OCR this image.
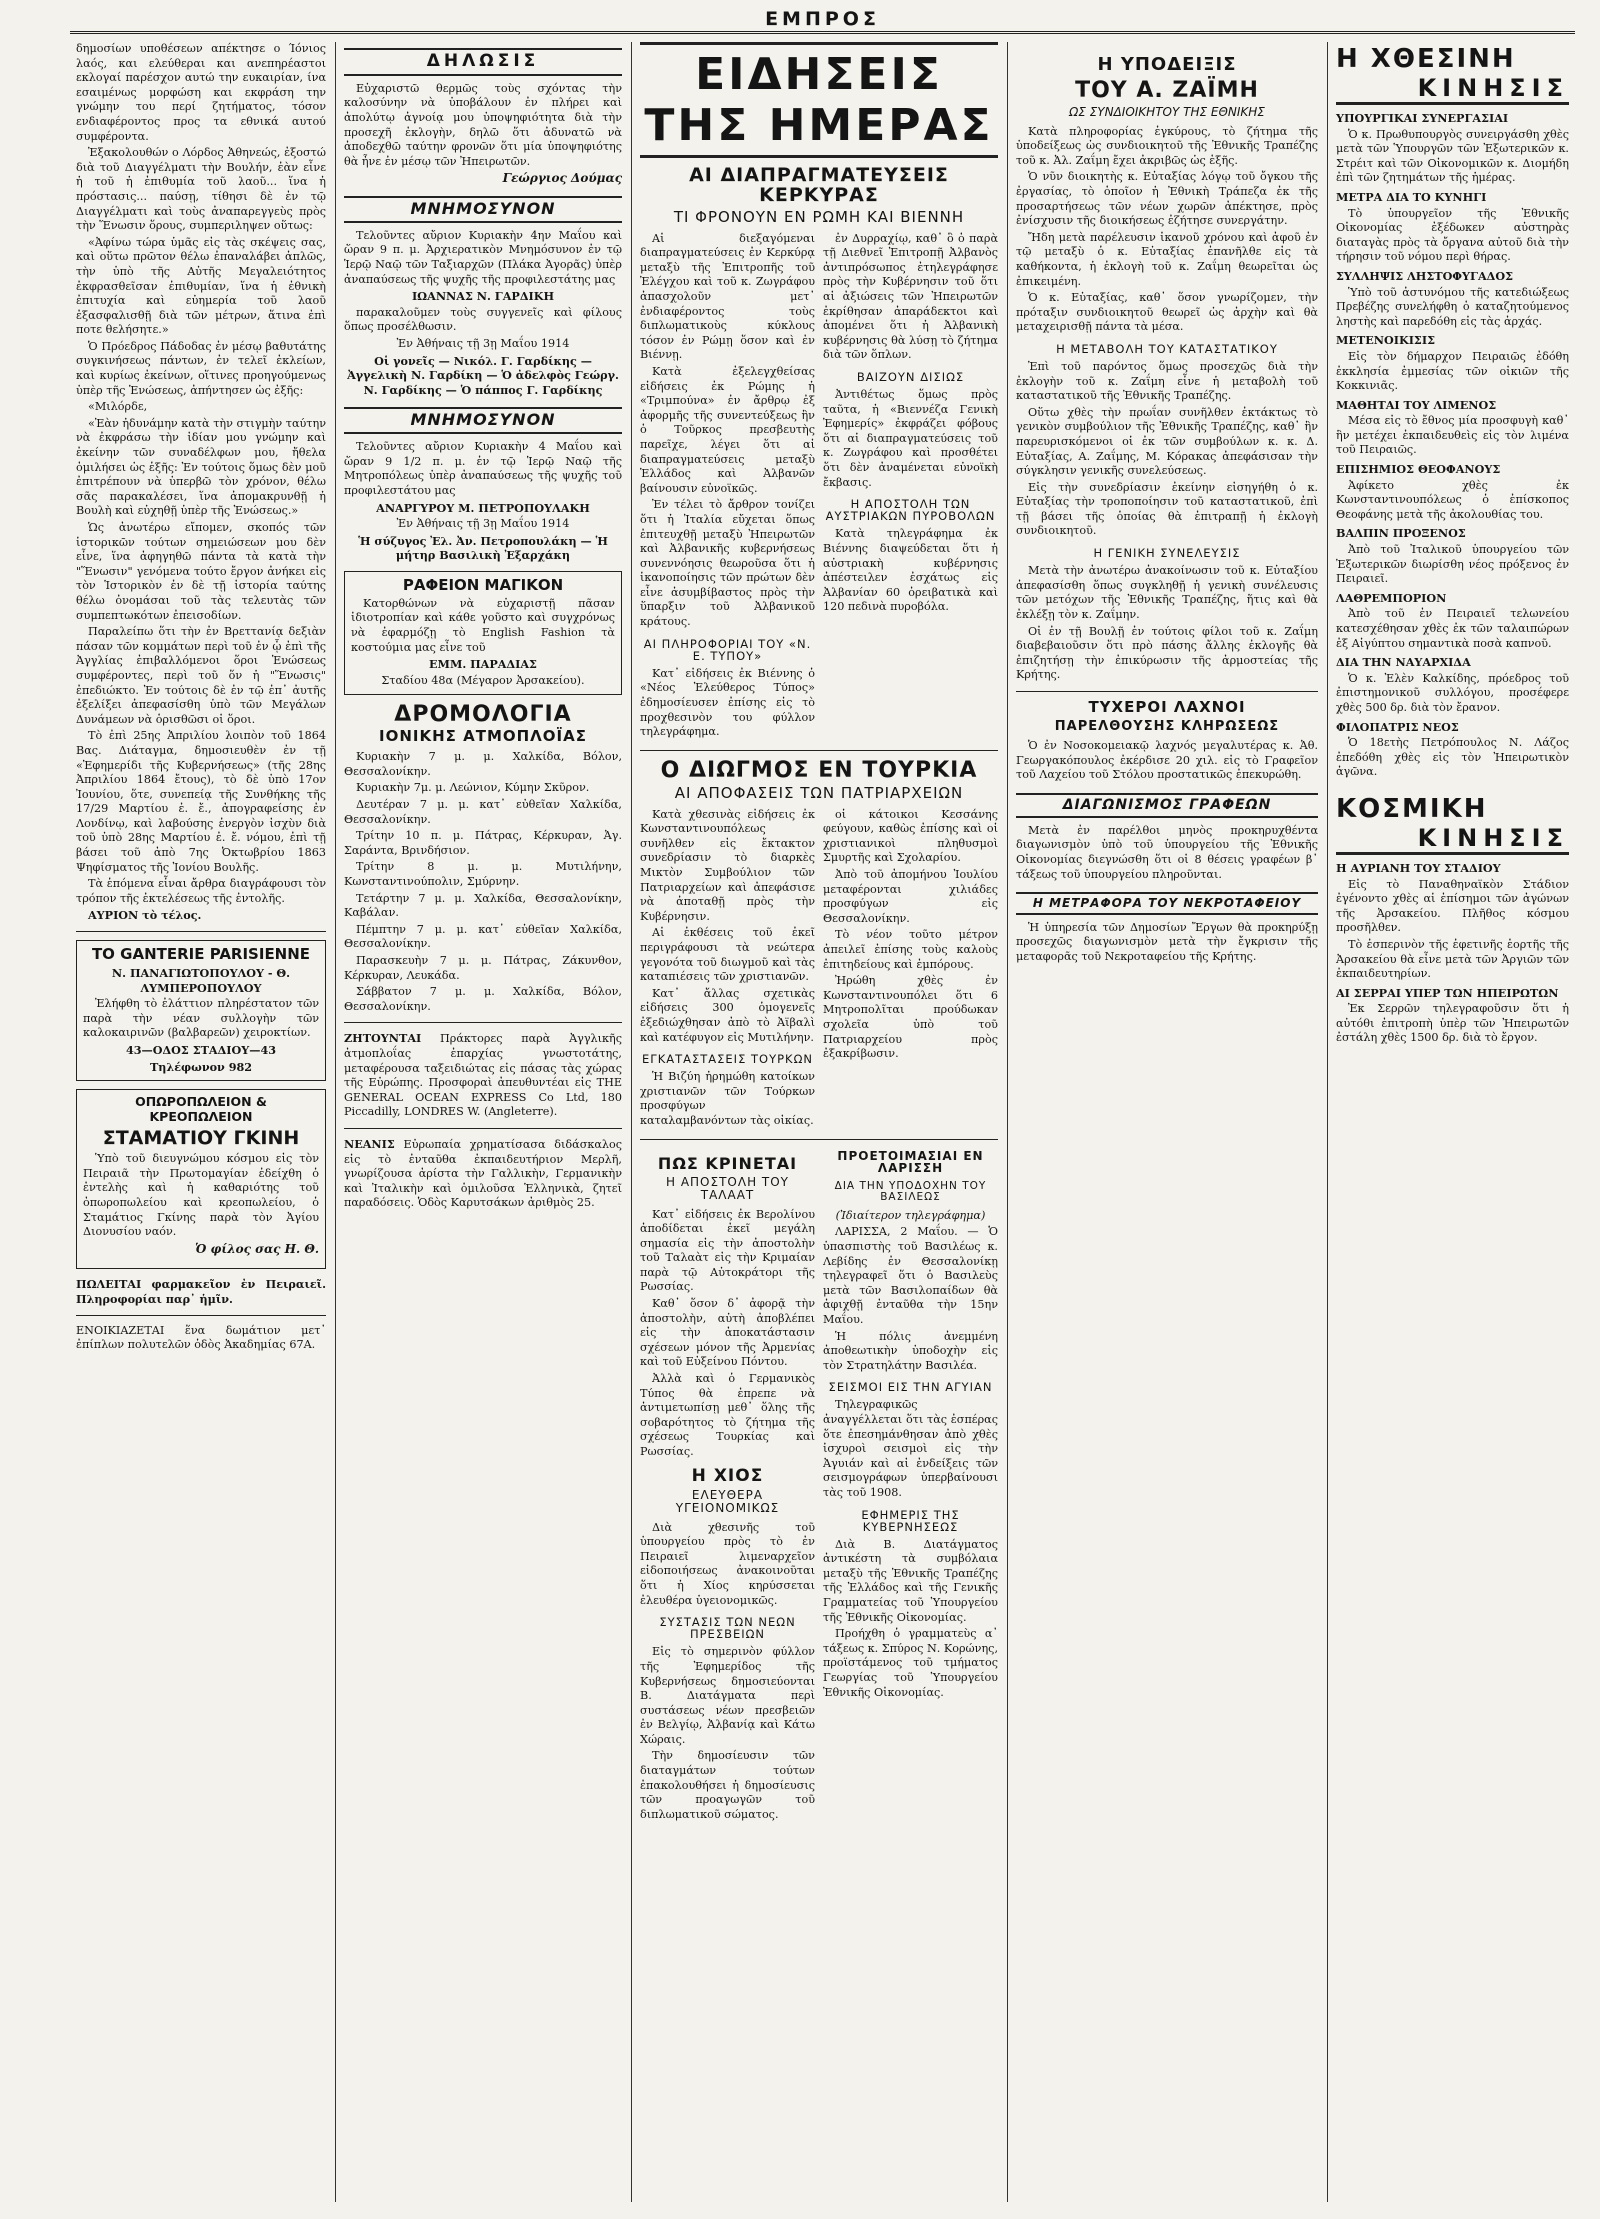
ΕΜΠΡΟΣ

δημοσίων υποθέσεων απέκτησε ο Ίόνιος λαός, και ελεύθεραι και ανεπηρέαστοι εκλογαί παρέσχον αυτώ την ευκαιρίαν, ίνα εσαιμένως μορφώση και εκφράση την γνώμην του περί ζητήματος, τόσον ενδιαφέροντος προς τα εθνικά αυτού συμφέροντα.

Ἐξακολουθών ο Λόρδος Ἀθηνεώς, ἐξοστώ διὰ τοῦ Διαγγέλματι τὴν Βουλήν, ἐὰν εἶνε ἡ τοῦ ἡ ἐπιθυμία τοῦ λαοῦ... ἵνα ἡ πρόστασις... παύσῃ, τίθησι δὲ ἐν τῷ Διαγγέλματι καὶ τοὺς ἀναπαρεγγεὺς πρὸς τὴν Ἕνωσιν ὅρους, συμπεριληψεν οὕτως:

«Ἀφίνω τώρα ὑμᾶς εἰς τὰς σκέψεις σας, καὶ οὕτω πρῶτον θέλω ἐπαναλάβει ἁπλῶς, τὴν ὑπὸ τῆς Αὐτῆς Μεγαλειότητος ἐκφρασθεῖσαν ἐπιθυμίαν, ἵνα ἡ ἐθνικὴ ἐπιτυχία καὶ εὐημερία τοῦ λαοῦ ἐξασφαλισθῇ διὰ τῶν μέτρων, ἅτινα ἐπὶ ποτε θελήσητε.»

Ὁ Πρόεδρος Πάδοδας ἐν μέσῳ βαθυτάτης συγκινήσεως πάντων, ἐν τελεῖ ἐκλείων, καὶ κυρίως ἐκείνων, οἵτινες προηγούμενως ὑπὲρ τῆς Ἑνώσεως, ἀπήντησεν ὡς ἐξῆς:

«Μιλόρδε,

«Ἐὰν ἠδυνάμην κατὰ τὴν στιγμὴν ταύτην νὰ ἐκφράσω τὴν ἰδίαν μου γνώμην καὶ ἐκείνην τῶν συναδέλφων μου, ἤθελα ὁμιλήσει ὡς ἑξῆς: Ἐν τούτοις ὅμως δὲν μοῦ ἐπιτρέπουν νὰ ὑπερβῶ τὸν χρόνον, θέλω σᾶς παρακαλέσει, ἵνα ἀπομακρυνθῇ ἡ Βουλὴ καὶ εὐχηθῇ ὑπὲρ τῆς Ἑνώσεως.»

Ὡς ἀνωτέρω εἴπομεν, σκοπός τῶν ἱστορικῶν τούτων σημειώσεων μου δὲν εἶνε, ἵνα ἀφηγηθῶ πάντα τὰ κατὰ τὴν "Ἕνωσιν" γενόμενα τούτο ἔργον ἀνήκει εἰς τὸν Ἱστορικὸν ἐν δὲ τῇ ἱστορία ταύτης θέλω ὀνομάσαι τοῦ τὰς τελευτὰς τῶν συμπεπτωκότων ἐπεισοδίων.

Παραλείπω ὅτι τὴν ἐν Βρεττανίᾳ δεξιὰν πάσαν τῶν κομμάτων περὶ τοῦ ἐν ᾧ ἐπὶ τῆς Ἀγγλίας ἐπιβαλλόμενοι ὅροι Ἑνώσεως συμφέροντες, περὶ τοῦ ὅν ἡ "Ἕνωσις" ἐπεδιώκτο. Ἐν τούτοις δὲ ἐν τῷ ἐπ᾽ ἀυτῆς ἐξελίξει ἀπεφασίσθη ὑπὸ τῶν Μεγάλων Δυνάμεων νὰ ὁρισθῶσι οἱ ὅροι.

Τὸ ἐπὶ 25ης Ἀπριλίου λοιπὸν τοῦ 1864 Βας. Διάταγμα, δημοσιευθὲν ἐν τῇ «Ἐφημερίδι τῆς Κυβερνήσεως» (τῆς 28ης Ἀπριλίου 1864 ἔτους), τὸ δὲ ὑπὸ 17ον Ἰουνίου, ὅτε, συνεπείᾳ τῆς Συνθήκης τῆς 17/29 Μαρτίου ἐ. ἔ., ἀπογραφείσης ἐν Λονδίνῳ, καὶ λαβούσης ἐνεργὸν ἰσχὺν διὰ τοῦ ὑπὸ 28ης Μαρτίου ἐ. ἔ. νόμου, ἐπὶ τῇ βάσει τοῦ ἀπὸ 7ης Ὀκτωβρίου 1863 Ψηφίσματος τῆς Ἰονίου Βουλῆς.

Τὰ ἑπόμενα εἶναι ἄρθρα διαγράφουσι τὸν τρόπον τῆς ἐκτελέσεως τῆς ἐντολῆς.

ΑΥΡΙΟΝ τὸ τέλος.

ΤΟ GANTERIE PARISIENNE

Ν. ΠΑΝΑΓΙΩΤΟΠΟΥΛΟΥ - Θ. ΛΥΜΠΕΡΟΠΟΥΛΟΥ

Ἐλήφθη τὸ ἐλάττιον πληρέστατον τῶν παρὰ τὴν νέαν συλλογὴν τῶν καλοκαιρινῶν (βαλβαρεῶν) χειροκτίων.

43—ΟΔΟΣ ΣΤΑΔΙΟΥ—43

Τηλέφωνον 982

ΟΠΩΡΟΠΩΛΕΙΟΝ & ΚΡΕΟΠΩΛΕΙΟΝ
ΣΤΑΜΑΤΙΟΥ ΓΚΙΝΗ

Ὑπὸ τοῦ διευγνώμου κόσμου εἰς τὸν Πειραιᾶ τὴν Πρωτομαγίαν ἐδείχθη ὁ ἐντελὴς καὶ ἡ καθαριότης τοῦ ὀπωροπωλείου καὶ κρεοπωλείου, ὁ Σταμάτιος Γκίνης παρὰ τὸν Ἀγίου Διονυσίου ναόν.

Ὁ φίλος σας Η. Θ.

ΠΩΛΕΙΤΑΙ φαρμακεῖον ἐν Πειραιεῖ. Πληροφορίαι παρ᾽ ἡμῖν.

ΕΝΟΙΚΙΑΖΕΤΑΙ ἕνα δωμάτιον μετ᾽ ἐπίπλων πολυτελῶν ὁδὸς Ἀκαδημίας 67Α.

ΔΗΛΩΣΙΣ

Εὐχαριστῶ θερμῶς τοὺς σχόντας τὴν καλοσύνην νὰ ὑποβάλουν ἐν πλήρει καὶ ἀπολύτῳ ἀγνοίᾳ μου ὑποψηφιότητα διὰ τὴν προσεχῆ ἐκλογὴν, δηλῶ ὅτι ἀδυνατῶ νὰ ἀποδεχθῶ ταύτην φρονῶν ὅτι μία ὑποψηφιότης θὰ ἦνε ἐν μέσῳ τῶν Ἠπειρωτῶν.

Γεώργιος Δούμας

ΜΝΗΜΟΣΥΝΟΝ

Τελοῦντες αὔριον Κυριακὴν 4ην Μαΐου καὶ ὥραν 9 π. μ. Ἀρχιερατικὸν Μνημόσυνον ἐν τῷ Ἱερῷ Ναῷ τῶν Ταξιαρχῶν (Πλάκα Ἀγορᾶς) ὑπὲρ ἀναπαύσεως τῆς ψυχῆς τῆς προφιλεστάτης μας

ΙΩΑΝΝΑΣ Ν. ΓΑΡΔΙΚΗ

παρακαλοῦμεν τοὺς συγγενεῖς καὶ φίλους ὅπως προσέλθωσιν.

Ἐν Ἀθήναις τῇ 3ῃ Μαΐου 1914

Οἱ γονεῖς — Νικόλ. Γ. Γαρδίκης — Ἀγγελικὴ Ν. Γαρδίκη — Ὁ ἀδελφὸς Γεώργ. Ν. Γαρδίκης — Ὁ πάππος Γ. Γαρδίκης

ΜΝΗΜΟΣΥΝΟΝ

Τελοῦντες αὔριον Κυριακὴν 4 Μαΐου καὶ ὥραν 9 1/2 π. μ. ἐν τῷ Ἱερῷ Ναῷ τῆς Μητροπόλεως ὑπὲρ ἀναπαύσεως τῆς ψυχῆς τοῦ προφιλεστάτου μας

ΑΝΑΡΓΥΡΟΥ Μ. ΠΕΤΡΟΠΟΥΛΑΚΗ

Ἐν Ἀθήναις τῇ 3ῃ Μαΐου 1914

Ἡ σύζυγος Ἐλ. Ἀν. Πετροπουλάκη — Ἡ μήτηρ Βασιλικὴ Ἐξαρχάκη

ΡΑΦΕΙΟΝ ΜΑΓΙΚΟΝ

Κατορθώνων νὰ εὐχαριστῇ πᾶσαν ἰδιοτροπίαν καὶ κάθε γοῦστο καὶ συγχρόνως νὰ ἐφαρμόζῃ τὸ English Fashion τὰ κοστούμια μας εἶνε τοῦ

ΕΜΜ. ΠΑΡΑΔΙΑΣ

Σταδίου 48α (Μέγαρον Ἀρσακείου).

ΔΡΟΜΟΛΟΓΙΑ
ΙΟΝΙΚΗΣ ΑΤΜΟΠΛΟΪΑΣ

Κυριακὴν 7 μ. μ. Χαλκίδα, Βόλον, Θεσσαλονίκην.

Κυριακὴν 7μ. μ. Λεώνιον, Κύμην Σκῦρον.

Δευτέραν 7 μ. μ. κατ᾽ εὐθεῖαν Χαλκίδα, Θεσσαλονίκην.

Τρίτην 10 π. μ. Πάτρας, Κέρκυραν, Ἀγ. Σαράντα, Βρινδήσιον.

Τρίτην 8 μ. μ. Μυτιλήνην, Κωνσταντινούπολιν, Σμύρνην.

Τετάρτην 7 μ. μ. Χαλκίδα, Θεσσαλονίκην, Καβάλαν.

Πέμπτην 7 μ. μ. κατ᾽ εὐθεῖαν Χαλκίδα, Θεσσαλονίκην.

Παρασκευὴν 7 μ. μ. Πάτρας, Ζάκυνθον, Κέρκυραν, Λευκάδα.

Σάββατον 7 μ. μ. Χαλκίδα, Βόλον, Θεσσαλονίκην.

ΖΗΤΟΥΝΤΑΙ Πράκτορες παρὰ Ἀγγλικῆς ἀτμοπλοΐας ἐπαρχίας γνωστοτάτης, μεταφέρουσα ταξειδιώτας εἰς πάσας τὰς χώρας τῆς Εὐρώπης. Προσφοραὶ ἀπευθυντέαι εἰς THE GENERAL OCEAN EXPRESS Co Ltd, 180 Piccadilly, LONDRES W. (Angleterre).

ΝΕΑΝΙΣ Εὐρωπαία χρηματίσασα διδάσκαλος εἰς τὸ ἐνταῦθα ἐκπαιδευτήριον Μερλῆ, γνωρίζουσα ἀρίστα τὴν Γαλλικὴν, Γερμανικὴν καὶ Ἰταλικὴν καὶ ὁμιλοῦσα Ἑλληνικὰ, ζητεῖ παραδόσεις. Ὁδὸς Καρυτσάκων ἀριθμὸς 25.

ΕΙΔΗΣΕΙΣ ΤΗΣ ΗΜΕΡΑΣ
ΑΙ ΔΙΑΠΡΑΓΜΑΤΕΥΣΕΙΣ ΚΕΡΚΥΡΑΣ
ΤΙ ΦΡΟΝΟΥΝ ΕΝ ΡΩΜΗ ΚΑΙ ΒΙΕΝΝΗ

Αἱ διεξαγόμεναι διαπραγματεύσεις ἐν Κερκύρᾳ μεταξὺ τῆς Ἐπιτροπῆς τοῦ Ἐλέγχου καὶ τοῦ κ. Ζωγράφου ἀπασχολοῦν μετ᾽ ἐνδιαφέροντος τοὺς διπλωματικοὺς κύκλους τόσον ἐν Ρώμῃ ὅσον καὶ ἐν Βιέννῃ.

Κατὰ ἐξελεγχθείσας εἰδήσεις ἐκ Ρώμης ἡ «Τριμπούνα» ἐν ἄρθρῳ ἐξ ἀφορμῆς τῆς συνεντεύξεως ἣν ὁ Τοῦρκος πρεσβευτὴς παρεῖχε, λέγει ὅτι αἱ διαπραγματεύσεις μεταξὺ Ἑλλάδος καὶ Ἀλβανῶν βαίνουσιν εὐνοϊκῶς.

Ἐν τέλει τὸ ἄρθρον τονίζει ὅτι ἡ Ἰταλία εὔχεται ὅπως ἐπιτευχθῇ μεταξὺ Ἠπειρωτῶν καὶ Ἀλβανικῆς κυβερνήσεως συνεννόησις θεωροῦσα ὅτι ἡ ἱκανοποίησις τῶν πρώτων δὲν εἶνε ἀσυμβίβαστος πρὸς τὴν ὕπαρξιν τοῦ Ἀλβανικοῦ κράτους.

ΑΙ ΠΛΗΡΟΦΟΡΙΑΙ ΤΟΥ «Ν. Ε. ΤΥΠΟΥ»

Κατ᾽ εἰδήσεις ἐκ Βιέννης ὁ «Νέος Ἐλεύθερος Τύπος» ἐδημοσίευσεν ἐπίσης εἰς τὸ προχθεσινὸν του φύλλον τηλεγράφημα.

ἐν Δυρραχίῳ, καθ᾽ ὃ ὁ παρὰ τῇ Διεθνεῖ Ἐπιτροπῇ Ἀλβανὸς ἀντιπρόσωπος ἐτηλεγράφησε πρὸς τὴν Κυβέρνησιν τοῦ ὅτι αἱ ἀξιώσεις τῶν Ἠπειρωτῶν ἐκρίθησαν ἀπαράδεκτοι καὶ ἀπομένει ὅτι ἡ Ἀλβανικὴ κυβέρνησις θὰ λύσῃ τὸ ζήτημα διὰ τῶν ὅπλων.

ΒΑΙΖΟΥΝ ΔΙΣΙΩΣ

Ἀντιθέτως ὅμως πρὸς ταῦτα, ἡ «Βιεννέζα Γενικὴ Ἐφημερίς» ἐκφράζει φόβους ὅτι αἱ διαπραγματεύσεις τοῦ κ. Ζωγράφου καὶ προσθέτει ὅτι δὲν ἀναμένεται εὐνοϊκὴ ἔκβασις.

Η ΑΠΟΣΤΟΛΗ ΤΩΝ ΑΥΣΤΡΙΑΚΩΝ ΠΥΡΟΒΟΛΩΝ

Κατὰ τηλεγράφημα ἐκ Βιέννης διαψεύδεται ὅτι ἡ αὐστριακὴ κυβέρνησις ἀπέστειλεν ἐσχάτως εἰς Ἀλβανίαν 60 ὀρειβατικὰ καὶ 120 πεδινὰ πυροβόλα.

Ο ΔΙΩΓΜΟΣ ΕΝ ΤΟΥΡΚΙΑ
ΑΙ ΑΠΟΦΑΣΕΙΣ ΤΩΝ ΠΑΤΡΙΑΡΧΕΙΩΝ

Κατὰ χθεσινὰς εἰδήσεις ἐκ Κωνσταντινουπόλεως συνῆλθεν εἰς ἔκτακτον συνεδρίασιν τὸ διαρκὲς Μικτὸν Συμβούλιον τῶν Πατριαρχείων καὶ ἀπεφάσισε νὰ ἀποταθῇ πρὸς τὴν Κυβέρνησιν.

Αἱ ἐκθέσεις τοῦ ἐκεῖ περιγράφουσι τὰ νεώτερα γεγονότα τοῦ διωγμοῦ καὶ τὰς καταπιέσεις τῶν χριστιανῶν.

Κατ᾽ ἄλλας σχετικὰς εἰδήσεις 300 ὁμογενεῖς ἐξεδιώχθησαν ἀπὸ τὸ Ἀϊβαλὶ καὶ κατέφυγον εἰς Μυτιλήνην.

ΕΓΚΑΤΑΣΤΑΣΕΙΣ ΤΟΥΡΚΩΝ

Ἡ Βιζύη ἠρημώθη κατοίκων χριστιανῶν τῶν Τούρκων προσφύγων καταλαμβανόντων τὰς οἰκίας.

οἱ κάτοικοι Κεσσάνης φεύγουν, καθὼς ἐπίσης καὶ οἱ χριστιανικοὶ πληθυσμοὶ Σμυρτῆς καὶ Σχολαρίου.

Ἀπὸ τοῦ ἀπομήνου Ἰουλίου μεταφέρονται χιλιάδες προσφύγων εἰς Θεσσαλονίκην.

Τὸ νέον τοῦτο μέτρον ἀπειλεῖ ἐπίσης τοὺς καλοὺς ἐπιτηδείους καὶ ἐμπόρους.

Ἠρώθη χθὲς ἐν Κωνσταντινουπόλει ὅτι 6 Μητροπολῖται προύδωκαν σχολεῖα ὑπὸ τοῦ Πατριαρχείου πρὸς ἐξακρίβωσιν.

ΠΩΣ ΚΡΙΝΕΤΑΙ
Η ΑΠΟΣΤΟΛΗ ΤΟΥ ΤΑΛΑΑΤ

Κατ᾽ εἰδήσεις ἐκ Βερολίνου ἀποδίδεται ἐκεῖ μεγάλη σημασία εἰς τὴν ἀποστολὴν τοῦ Ταλαὰτ εἰς τὴν Κριμαίαν παρὰ τῷ Αὐτοκράτορι τῆς Ρωσσίας.

Καθ᾽ ὅσον δ᾽ ἀφορᾷ τὴν ἀποστολὴν, αὐτὴ ἀποβλέπει εἰς τὴν ἀποκατάστασιν σχέσεων μόνον τῆς Ἀρμενίας καὶ τοῦ Εὐξείνου Πόντου.

Ἀλλὰ καὶ ὁ Γερμανικὸς Τύπος θὰ ἐπρεπε νὰ ἀντιμετωπίσῃ μεθ᾽ ὅλης τῆς σοβαρότητος τὸ ζήτημα τῆς σχέσεως Τουρκίας καὶ Ρωσσίας.

Η ΧΙΟΣ
ΕΛΕΥΘΕΡΑ ΥΓΕΙΟΝΟΜΙΚΩΣ

Διὰ χθεσινῆς τοῦ ὑπουργείου πρὸς τὸ ἐν Πειραιεῖ λιμεναρχεῖον εἰδοποιήσεως ἀνακοινοῦται ὅτι ἡ Χίος κηρύσσεται ἐλευθέρα ὑγειονομικῶς.

ΣΥΣΤΑΣΙΣ ΤΩΝ ΝΕΩΝ ΠΡΕΣΒΕΙΩΝ

Εἰς τὸ σημερινὸν φύλλον τῆς Ἐφημερίδος τῆς Κυβερνήσεως δημοσιεύονται Β. Διατάγματα περὶ συστάσεως νέων πρεσβειῶν ἐν Βελγίῳ, Ἀλβανίᾳ καὶ Κάτω Χώραις.

Τὴν δημοσίευσιν τῶν διαταγμάτων τούτων ἐπακολουθήσει ἡ δημοσίευσις τῶν προαγωγῶν τοῦ διπλωματικοῦ σώματος.

ΠΡΟΕΤΟΙΜΑΣΙΑΙ ΕΝ ΛΑΡΙΣΣΗ
ΔΙΑ ΤΗΝ ΥΠΟΔΟΧΗΝ ΤΟΥ ΒΑΣΙΛΕΩΣ

(Ἰδιαίτερον τηλεγράφημα)

ΛΑΡΙΣΣΑ, 2 Μαΐου. — Ὁ ὑπασπιστὴς τοῦ Βασιλέως κ. Λεβίδης ἐν Θεσσαλονίκῃ τηλεγραφεῖ ὅτι ὁ Βασιλεὺς μετὰ τῶν Βασιλοπαίδων θὰ ἀφιχθῇ ἐνταῦθα τὴν 15ην Μαΐου.

Ἡ πόλις ἀνεμμένη ἀποθεωτικὴν ὑποδοχὴν εἰς τὸν Στρατηλάτην Βασιλέα.

ΣΕΙΣΜΟΙ ΕΙΣ ΤΗΝ ΑΓΥΙΑΝ

Τηλεγραφικῶς ἀναγγέλλεται ὅτι τὰς ἐσπέρας ὅτε ἐπεσημάνθησαν ἀπὸ χθὲς ἰσχυροὶ σεισμοὶ εἰς τὴν Ἀγυιάν καὶ αἱ ἐνδείξεις τῶν σεισμογράφων ὑπερβαίνουσι τὰς τοῦ 1908.

ΕΦΗΜΕΡΙΣ ΤΗΣ ΚΥΒΕΡΝΗΣΕΩΣ

Διὰ Β. Διατάγματος ἀντικέστη τὰ συμβόλαια μεταξὺ τῆς Ἐθνικῆς Τραπέζης τῆς Ἑλλάδος καὶ τῆς Γενικῆς Γραμματείας τοῦ Ὑπουργείου τῆς Ἐθνικῆς Οἰκονομίας.

Προήχθη ὁ γραμματεὺς α᾽ τάξεως κ. Σπύρος Ν. Κορώνης, προϊστάμενος τοῦ τμήματος Γεωργίας τοῦ Ὑπουργείου Ἐθνικῆς Οἰκονομίας.

Η ΥΠΟΔΕΙΞΙΣ
ΤΟΥ Α. ΖΑΪΜΗ
ΩΣ ΣΥΝΔΙΟΙΚΗΤΟΥ ΤΗΣ ΕΘΝΙΚΗΣ

Κατὰ πληροφορίας ἐγκύρους, τὸ ζήτημα τῆς ὑποδείξεως ὡς συνδιοικητοῦ τῆς Ἐθνικῆς Τραπέζης τοῦ κ. Ἀλ. Ζαΐμη ἔχει ἀκριβῶς ὡς ἑξῆς.

Ὁ νῦν διοικητὴς κ. Εὐταξίας λόγῳ τοῦ ὄγκου τῆς ἐργασίας, τὸ ὁποῖον ἡ Ἐθνικὴ Τράπεζα ἐκ τῆς προσαρτήσεως τῶν νέων χωρῶν ἀπέκτησε, πρὸς ἐνίσχυσιν τῆς διοικήσεως ἐζήτησε συνεργάτην.

Ἤδη μετὰ παρέλευσιν ἱκανοῦ χρόνου καὶ ἀφοῦ ἐν τῷ μεταξὺ ὁ κ. Εὐταξίας ἐπανῆλθε εἰς τὰ καθήκοντα, ἡ ἐκλογὴ τοῦ κ. Ζαΐμη θεωρεῖται ὡς ἐπικειμένη.

Ὁ κ. Εὐταξίας, καθ᾽ ὅσον γνωρίζομεν, τὴν πρόταξιν συνδιοικητοῦ θεωρεῖ ὡς ἀρχὴν καὶ θὰ μεταχειρισθῇ πάντα τὰ μέσα.

Η ΜΕΤΑΒΟΛΗ ΤΟΥ ΚΑΤΑΣΤΑΤΙΚΟΥ

Ἐπὶ τοῦ παρόντος ὅμως προσεχῶς διὰ τὴν ἐκλογὴν τοῦ κ. Ζαΐμη εἶνε ἡ μεταβολὴ τοῦ καταστατικοῦ τῆς Ἐθνικῆς Τραπέζης.

Οὕτω χθὲς τὴν πρωΐαν συνῆλθεν ἐκτάκτως τὸ γενικὸν συμβούλιον τῆς Ἐθνικῆς Τραπέζης, καθ᾽ ἣν παρευρισκόμενοι οἱ ἐκ τῶν συμβούλων κ. κ. Δ. Εὐταξίας, Α. Ζαΐμης, Μ. Κόρακας ἀπεφάσισαν τὴν σύγκλησιν γενικῆς συνελεύσεως.

Εἰς τὴν συνεδρίασιν ἐκείνην εἰσηγήθη ὁ κ. Εὐταξίας τὴν τροποποίησιν τοῦ καταστατικοῦ, ἐπὶ τῇ βάσει τῆς ὁποίας θὰ ἐπιτραπῇ ἡ ἐκλογὴ συνδιοικητοῦ.

Η ΓΕΝΙΚΗ ΣΥΝΕΛΕΥΣΙΣ

Μετὰ τὴν ἀνωτέρω ἀνακοίνωσιν τοῦ κ. Εὐταξίου ἀπεφασίσθη ὅπως συγκληθῇ ἡ γενικὴ συνέλευσις τῶν μετόχων τῆς Ἐθνικῆς Τραπέζης, ἥτις καὶ θὰ ἐκλέξῃ τὸν κ. Ζαΐμην.

Οἱ ἐν τῇ Βουλῇ ἐν τούτοις φίλοι τοῦ κ. Ζαΐμη διαβεβαιοῦσιν ὅτι πρὸ πάσης ἄλλης ἐκλογῆς θὰ ἐπιζητήσῃ τὴν ἐπικύρωσιν τῆς ἀρμοστείας τῆς Κρήτης.

ΤΥΧΕΡΟΙ ΛΑΧΝΟΙ
ΠΑΡΕΛΘΟΥΣΗΣ ΚΛΗΡΩΣΕΩΣ

Ὁ ἐν Νοσοκομειακῷ λαχνός μεγαλυτέρας κ. Ἀθ. Γεωργακόπουλος ἐκέρδισε 20 χιλ. εἰς τὸ Γραφεῖον τοῦ Λαχείου τοῦ Στόλου προστατικῶς ἐπεκυρώθη.

ΔΙΑΓΩΝΙΣΜΟΣ ΓΡΑΦΕΩΝ

Μετὰ ἐν παρέλθοι μηνὸς προκηρυχθέντα διαγωνισμὸν ὑπὸ τοῦ ὑπουργείου τῆς Ἐθνικῆς Οἰκονομίας διεγνώσθη ὅτι οἱ 8 θέσεις γραφέων β᾽ τάξεως τοῦ ὑπουργείου πληροῦνται.

Η ΜΕΤΡΑΦΟΡΑ ΤΟΥ ΝΕΚΡΟΤΑΦΕΙΟΥ

Ἡ ὑπηρεσία τῶν Δημοσίων Ἔργων θὰ προκηρύξῃ προσεχῶς διαγωνισμὸν μετὰ τὴν ἔγκρισιν τῆς μεταφορᾶς τοῦ Νεκροταφείου τῆς Κρήτης.

Η ΧΘΕΣΙΝΗ
ΚΙΝΗΣΙΣ

ΥΠΟΥΡΓΙΚΑΙ ΣΥΝΕΡΓΑΣΙΑΙ

Ὁ κ. Πρωθυπουργὸς συνειργάσθη χθὲς μετὰ τῶν Ὑπουργῶν τῶν Ἐξωτερικῶν κ. Στρέιτ καὶ τῶν Οἰκονομικῶν κ. Διομήδη ἐπὶ τῶν ζητημάτων τῆς ἡμέρας.

ΜΕΤΡΑ ΔΙΑ ΤΟ ΚΥΝΗΓΙ

Τὸ ὑπουργεῖον τῆς Ἐθνικῆς Οἰκονομίας ἐξέδωκεν αὐστηρὰς διαταγὰς πρὸς τὰ ὄργανα αὐτοῦ διὰ τὴν τήρησιν τοῦ νόμου περὶ θήρας.

ΣΥΛΛΗΨΙΣ ΛΗΣΤΟΦΥΓΑΔΟΣ

Ὑπὸ τοῦ ἀστυνόμου τῆς κατεδιώξεως Πρεβέζης συνελήφθη ὁ καταζητούμενος ληστὴς καὶ παρεδόθη εἰς τὰς ἀρχάς.

ΜΕΤΕΝΟΙΚΙΣΙΣ

Εἰς τὸν δήμαρχον Πειραιῶς ἐδόθη ἐκκλησία ἐμμεσίας τῶν οἰκιῶν τῆς Κοκκινιᾶς.

ΜΑΘΗΤΑΙ ΤΟΥ ΛΙΜΕΝΟΣ

Μέσα εἰς τὸ ἔθνος μία προσφυγὴ καθ᾽ ἣν μετέχει ἐκπαιδευθεὶς εἰς τὸν λιμένα τοῦ Πειραιῶς.

ΕΠΙΣΗΜΙΟΣ ΘΕΟΦΑΝΟΥΣ

Ἀφίκετο χθὲς ἐκ Κωνσταντινουπόλεως ὁ ἐπίσκοπος Θεοφάνης μετὰ τῆς ἀκολουθίας του.

ΒΑΛΠΙΝ ΠΡΟΞΕΝΟΣ

Ἀπὸ τοῦ Ἰταλικοῦ ὑπουργείου τῶν Ἐξωτερικῶν διωρίσθη νέος πρόξενος ἐν Πειραιεῖ.

ΛΑΘΡΕΜΠΟΡΙΟΝ

Ἀπὸ τοῦ ἐν Πειραιεῖ τελωνείου κατεσχέθησαν χθὲς ἐκ τῶν ταλαιπώρων ἐξ Αἰγύπτου σημαντικὰ ποσὰ καπνοῦ.

ΔΙΑ ΤΗΝ ΝΑΥΑΡΧΙΔΑ

Ὁ κ. Ἐλὲν Καλκίδης, πρόεδρος τοῦ ἐπιστημονικοῦ συλλόγου, προσέφερε χθὲς 500 δρ. διὰ τὸν ἔρανον.

ΦΙΛΟΠΑΤΡΙΣ ΝΕΟΣ

Ὁ 18ετὴς Πετρόπουλος Ν. Λάζος ἐπεδόθη χθὲς εἰς τὸν Ἠπειρωτικὸν ἀγῶνα.

ΚΟΣΜΙΚΗ
ΚΙΝΗΣΙΣ

Η ΑΥΡΙΑΝΗ ΤΟΥ ΣΤΑΔΙΟΥ

Εἰς τὸ Παναθηναϊκὸν Στάδιον ἐγένοντο χθὲς αἱ ἐπίσημοι τῶν ἀγώνων τῆς Ἀρσακείου. Πλῆθος κόσμου προσῆλθεν.

Τὸ ἐσπερινὸν τῆς ἐφετινῆς ἑορτῆς τῆς Ἀρσακείου θὰ εἶνε μετὰ τῶν Ἀργιῶν τῶν ἐκπαιδευτηρίων.

ΑΙ ΣΕΡΡΑΙ ΥΠΕΡ ΤΩΝ ΗΠΕΙΡΩΤΩΝ

Ἐκ Σερρῶν τηλεγραφοῦσιν ὅτι ἡ αὐτόθι ἐπιτροπὴ ὑπὲρ τῶν Ἠπειρωτῶν ἐστάλη χθὲς 1500 δρ. διὰ τὸ ἔργον.
